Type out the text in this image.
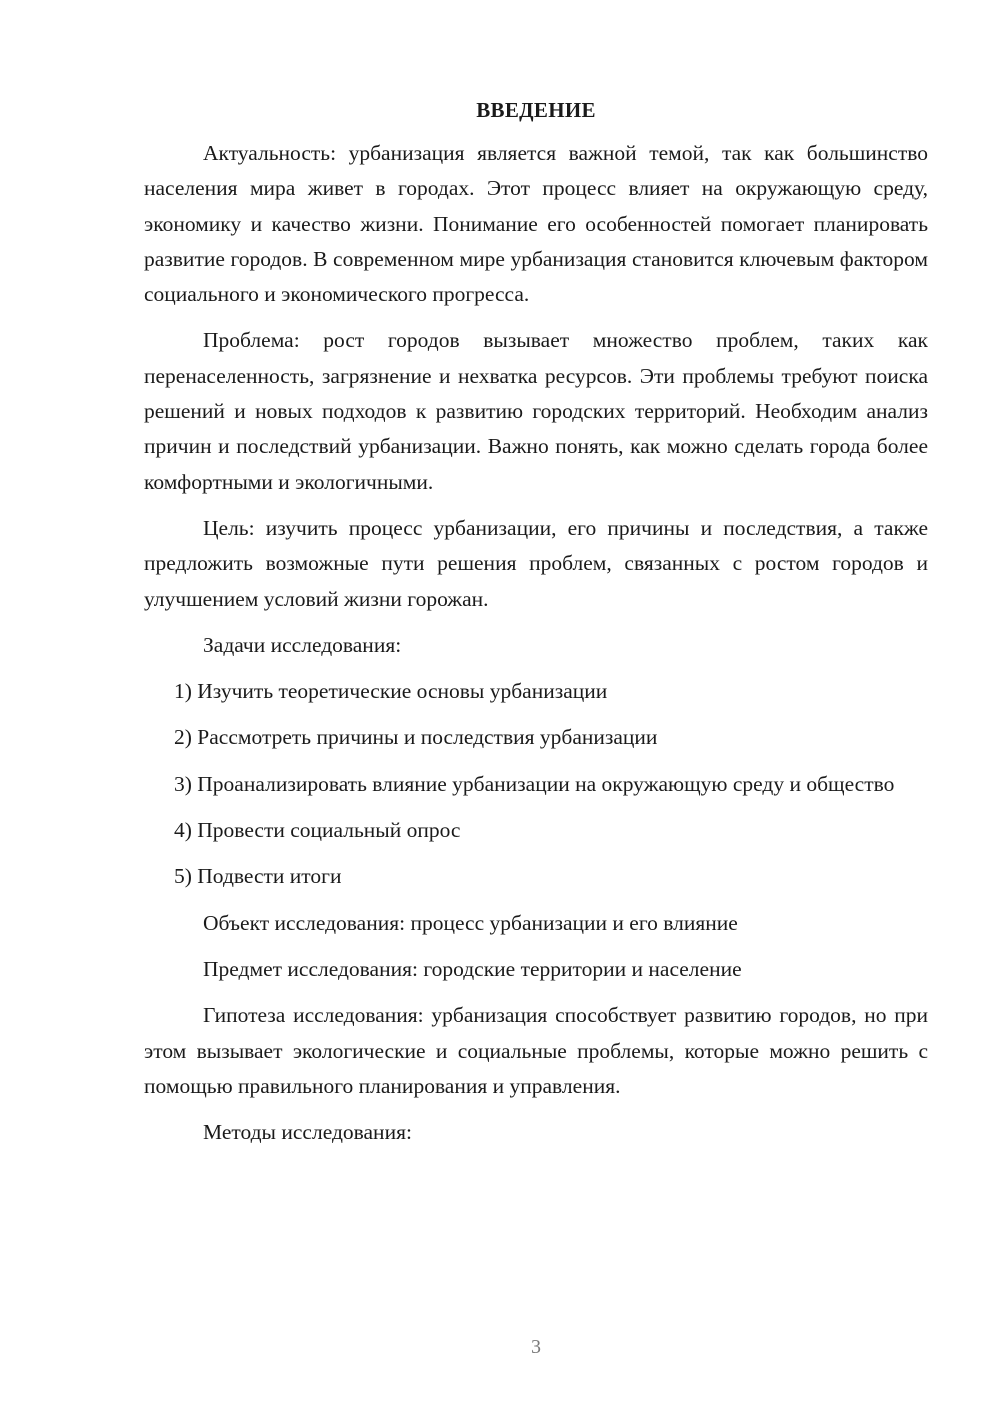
ВВЕДЕНИЕ

Актуальность: урбанизация является важной темой, так как большинство населения мира живет в городах. Этот процесс влияет на окружающую среду, экономику и качество жизни. Понимание его особенностей помогает планировать развитие городов. В современном мире урбанизация становится ключевым фактором социального и экономического прогресса.

Проблема: рост городов вызывает множество проблем, таких как перенаселенность, загрязнение и нехватка ресурсов. Эти проблемы требуют поиска решений и новых подходов к развитию городских территорий. Необходим анализ причин и последствий урбанизации. Важно понять, как можно сделать города более комфортными и экологичными.

Цель: изучить процесс урбанизации, его причины и последствия, а также предложить возможные пути решения проблем, связанных с ростом городов и улучшением условий жизни горожан.

Задачи исследования:

1) Изучить теоретические основы урбанизации

2) Рассмотреть причины и последствия урбанизации

3) Проанализировать влияние урбанизации на окружающую среду и общество

4) Провести социальный опрос

5) Подвести итоги

Объект исследования: процесс урбанизации и его влияние

Предмет исследования: городские территории и население

Гипотеза исследования: урбанизация способствует развитию городов, но при этом вызывает экологические и социальные проблемы, которые можно решить с помощью правильного планирования и управления.

Методы исследования:

3
